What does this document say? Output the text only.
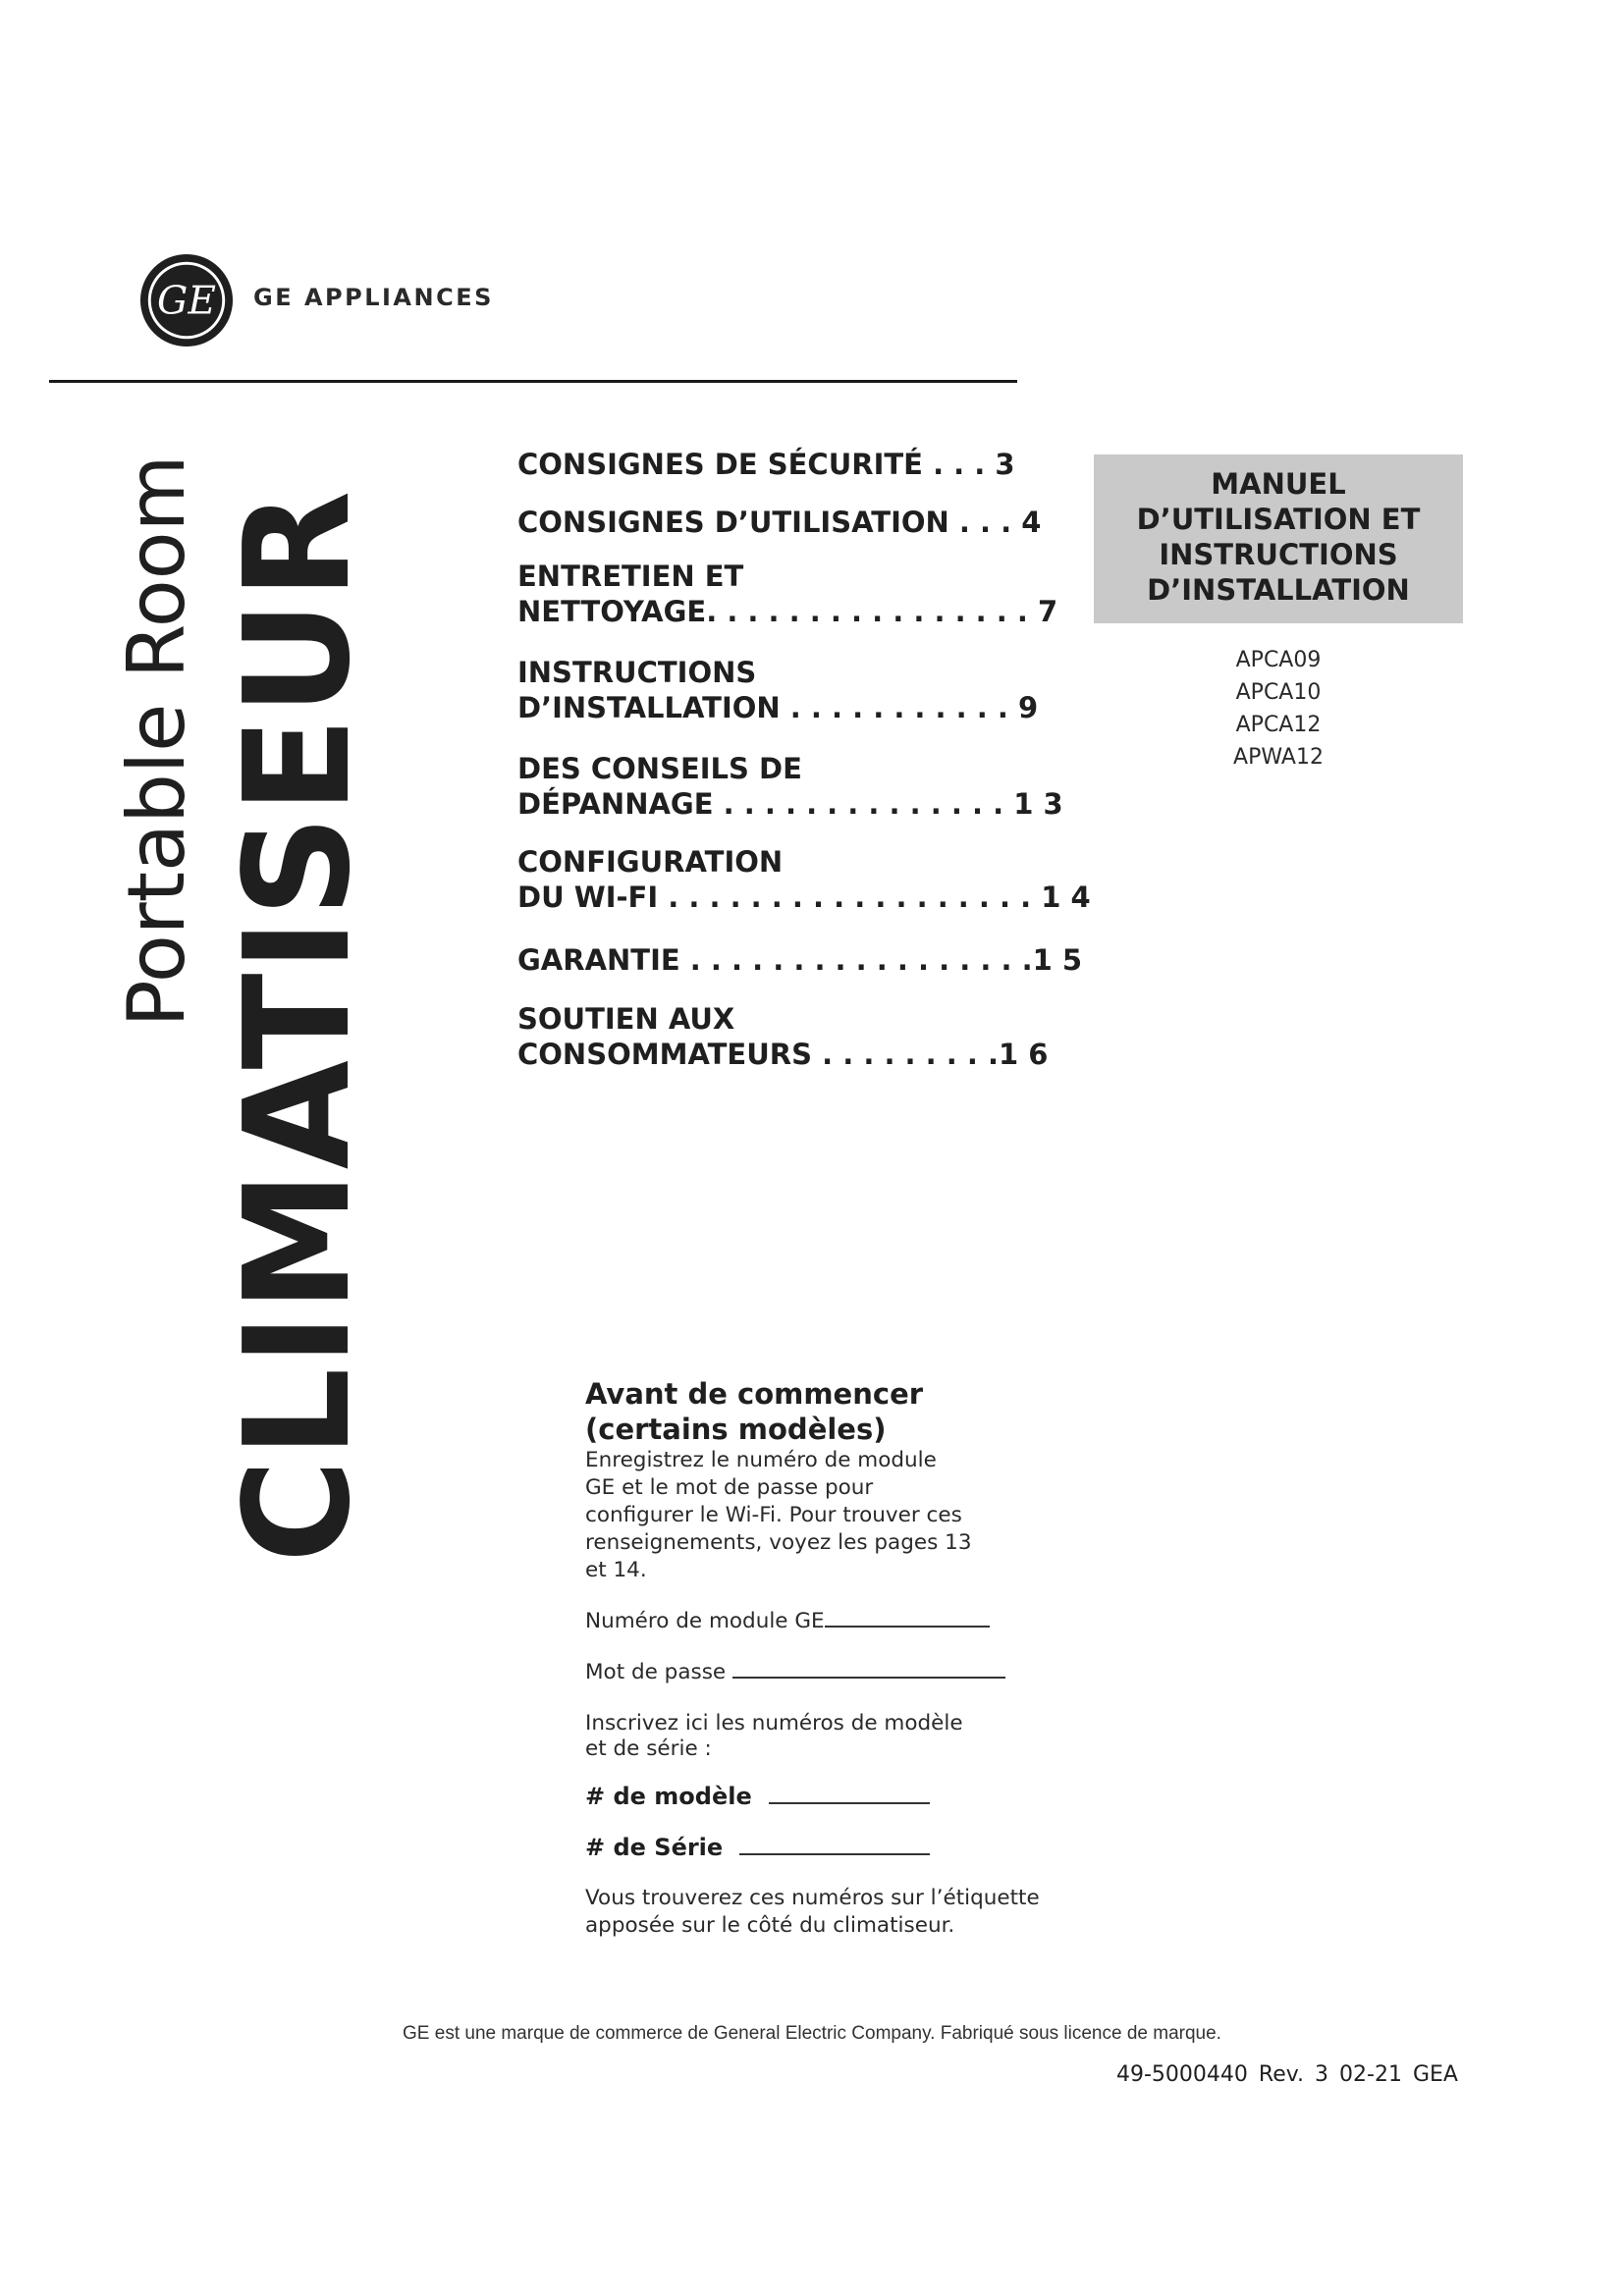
GE GE APPLIANCES
Portable Room CLIMATISEUR
CONSIGNES DE SÉCURITÉ . . . 3
CONSIGNES D’UTILISATION . . . 4
ENTRETIEN ET
NETTOYAGE. . . . . . . . . . . . . . . . 7
INSTRUCTIONS
D’INSTALLATION . . . . . . . . . . . 9
DES CONSEILS DE
DÉPANNAGE . . . . . . . . . . . . . . 1 3
CONFIGURATION
DU WI-FI . . . . . . . . . . . . . . . . . . 1 4
GARANTIE . . . . . . . . . . . . . . . . .1 5
SOUTIEN AUX
CONSOMMATEURS . . . . . . . . .1 6
MANUEL
D’UTILISATION ET
INSTRUCTIONS
D’INSTALLATION
APCA09
APCA10
APCA12
APWA12
Avant de commencer
(certains modèles)
Enregistrez le numéro de module
GE et le mot de passe pour
configurer le Wi-Fi. Pour trouver ces
renseignements, voyez les pages 13
et 14.
Numéro de module GE
Mot de passe
Inscrivez ici les numéros de modèle
et de série :
# de modèle
# de Série
Vous trouverez ces numéros sur l’étiquette
apposée sur le côté du climatiseur.
GE est une marque de commerce de General Electric Company. Fabriqué sous licence de marque.
49-5000440 Rev. 3 02-21 GEA
